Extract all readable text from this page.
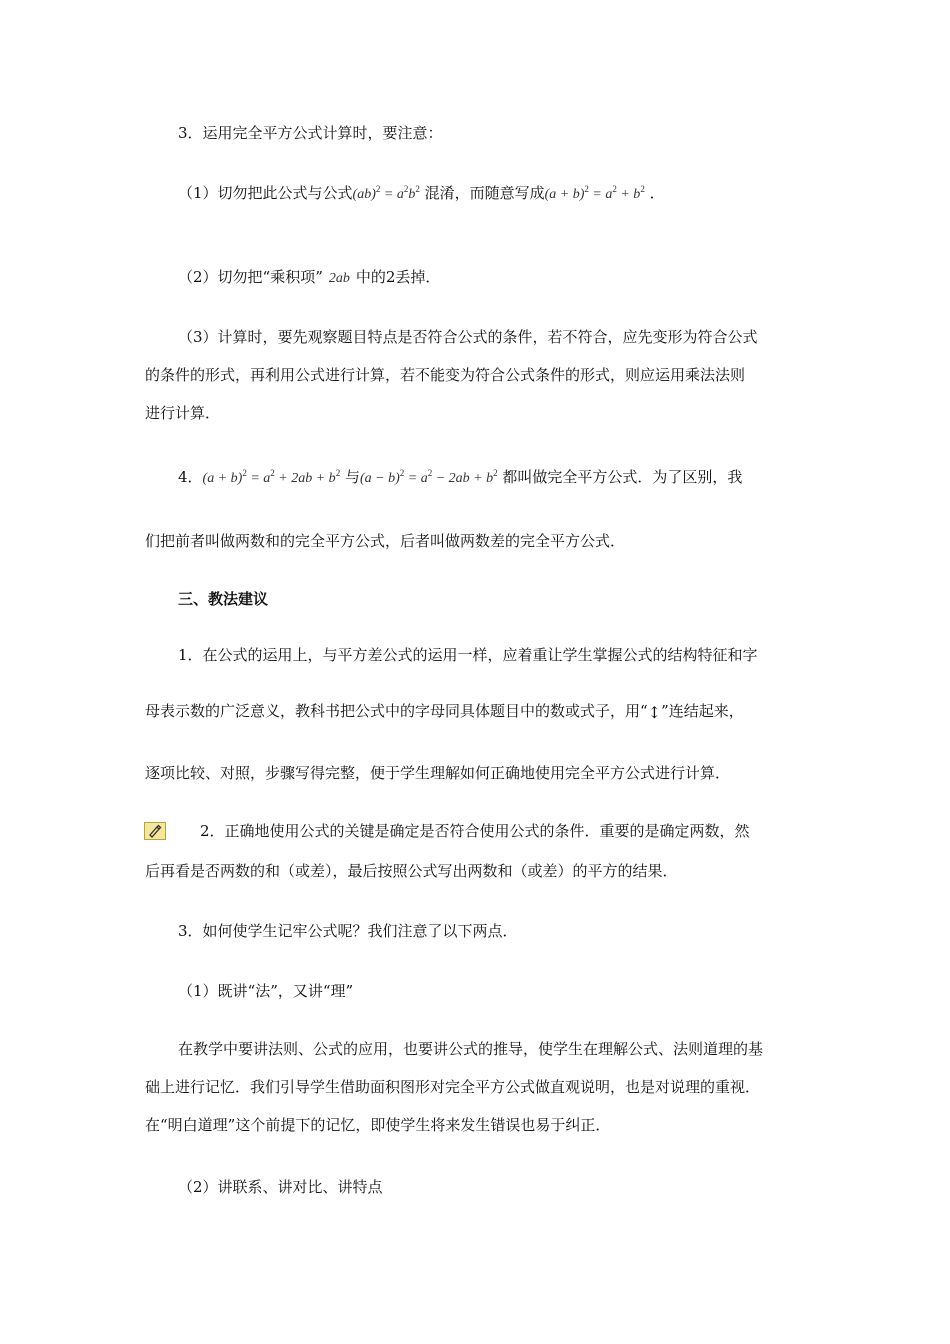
3．运用完全平方公式计算时，要注意：
（1）切勿把此公式与公式$(ab)^2 = a^2b^2$ 混淆，而随意写成$(a + b)^2 = a^2 + b^2$ ．
（2）切勿把“乘积项” 2ab 中的2丢掉．
（3）计算时，要先观察题目特点是否符合公式的条件，若不符合，应先变形为符合公式
的条件的形式，再利用公式进行计算，若不能变为符合公式条件的形式，则应运用乘法法则
进行计算．
4．$(a + b)^2 = a^2 + 2ab + b^2$ 与$(a - b)^2 = a^2 - 2ab + b^2$ 都叫做完全平方公式．为了区别，我
们把前者叫做两数和的完全平方公式，后者叫做两数差的完全平方公式．
三、教法建议
1．在公式的运用上，与平方差公式的运用一样，应着重让学生掌握公式的结构特征和字
母表示数的广泛意义，教科书把公式中的字母同具体题目中的数或式子，用“↕”连结起来，
逐项比较、对照，步骤写得完整，便于学生理解如何正确地使用完全平方公式进行计算．
2．正确地使用公式的关键是确定是否符合使用公式的条件．重要的是确定两数，然
后再看是否两数的和（或差），最后按照公式写出两数和（或差）的平方的结果．
3．如何使学生记牢公式呢？我们注意了以下两点．
（1）既讲“法”，又讲“理”
在教学中要讲法则、公式的应用，也要讲公式的推导，使学生在理解公式、法则道理的基
础上进行记忆．我们引导学生借助面积图形对完全平方公式做直观说明，也是对说理的重视．
在“明白道理”这个前提下的记忆，即使学生将来发生错误也易于纠正．
（2）讲联系、讲对比、讲特点
